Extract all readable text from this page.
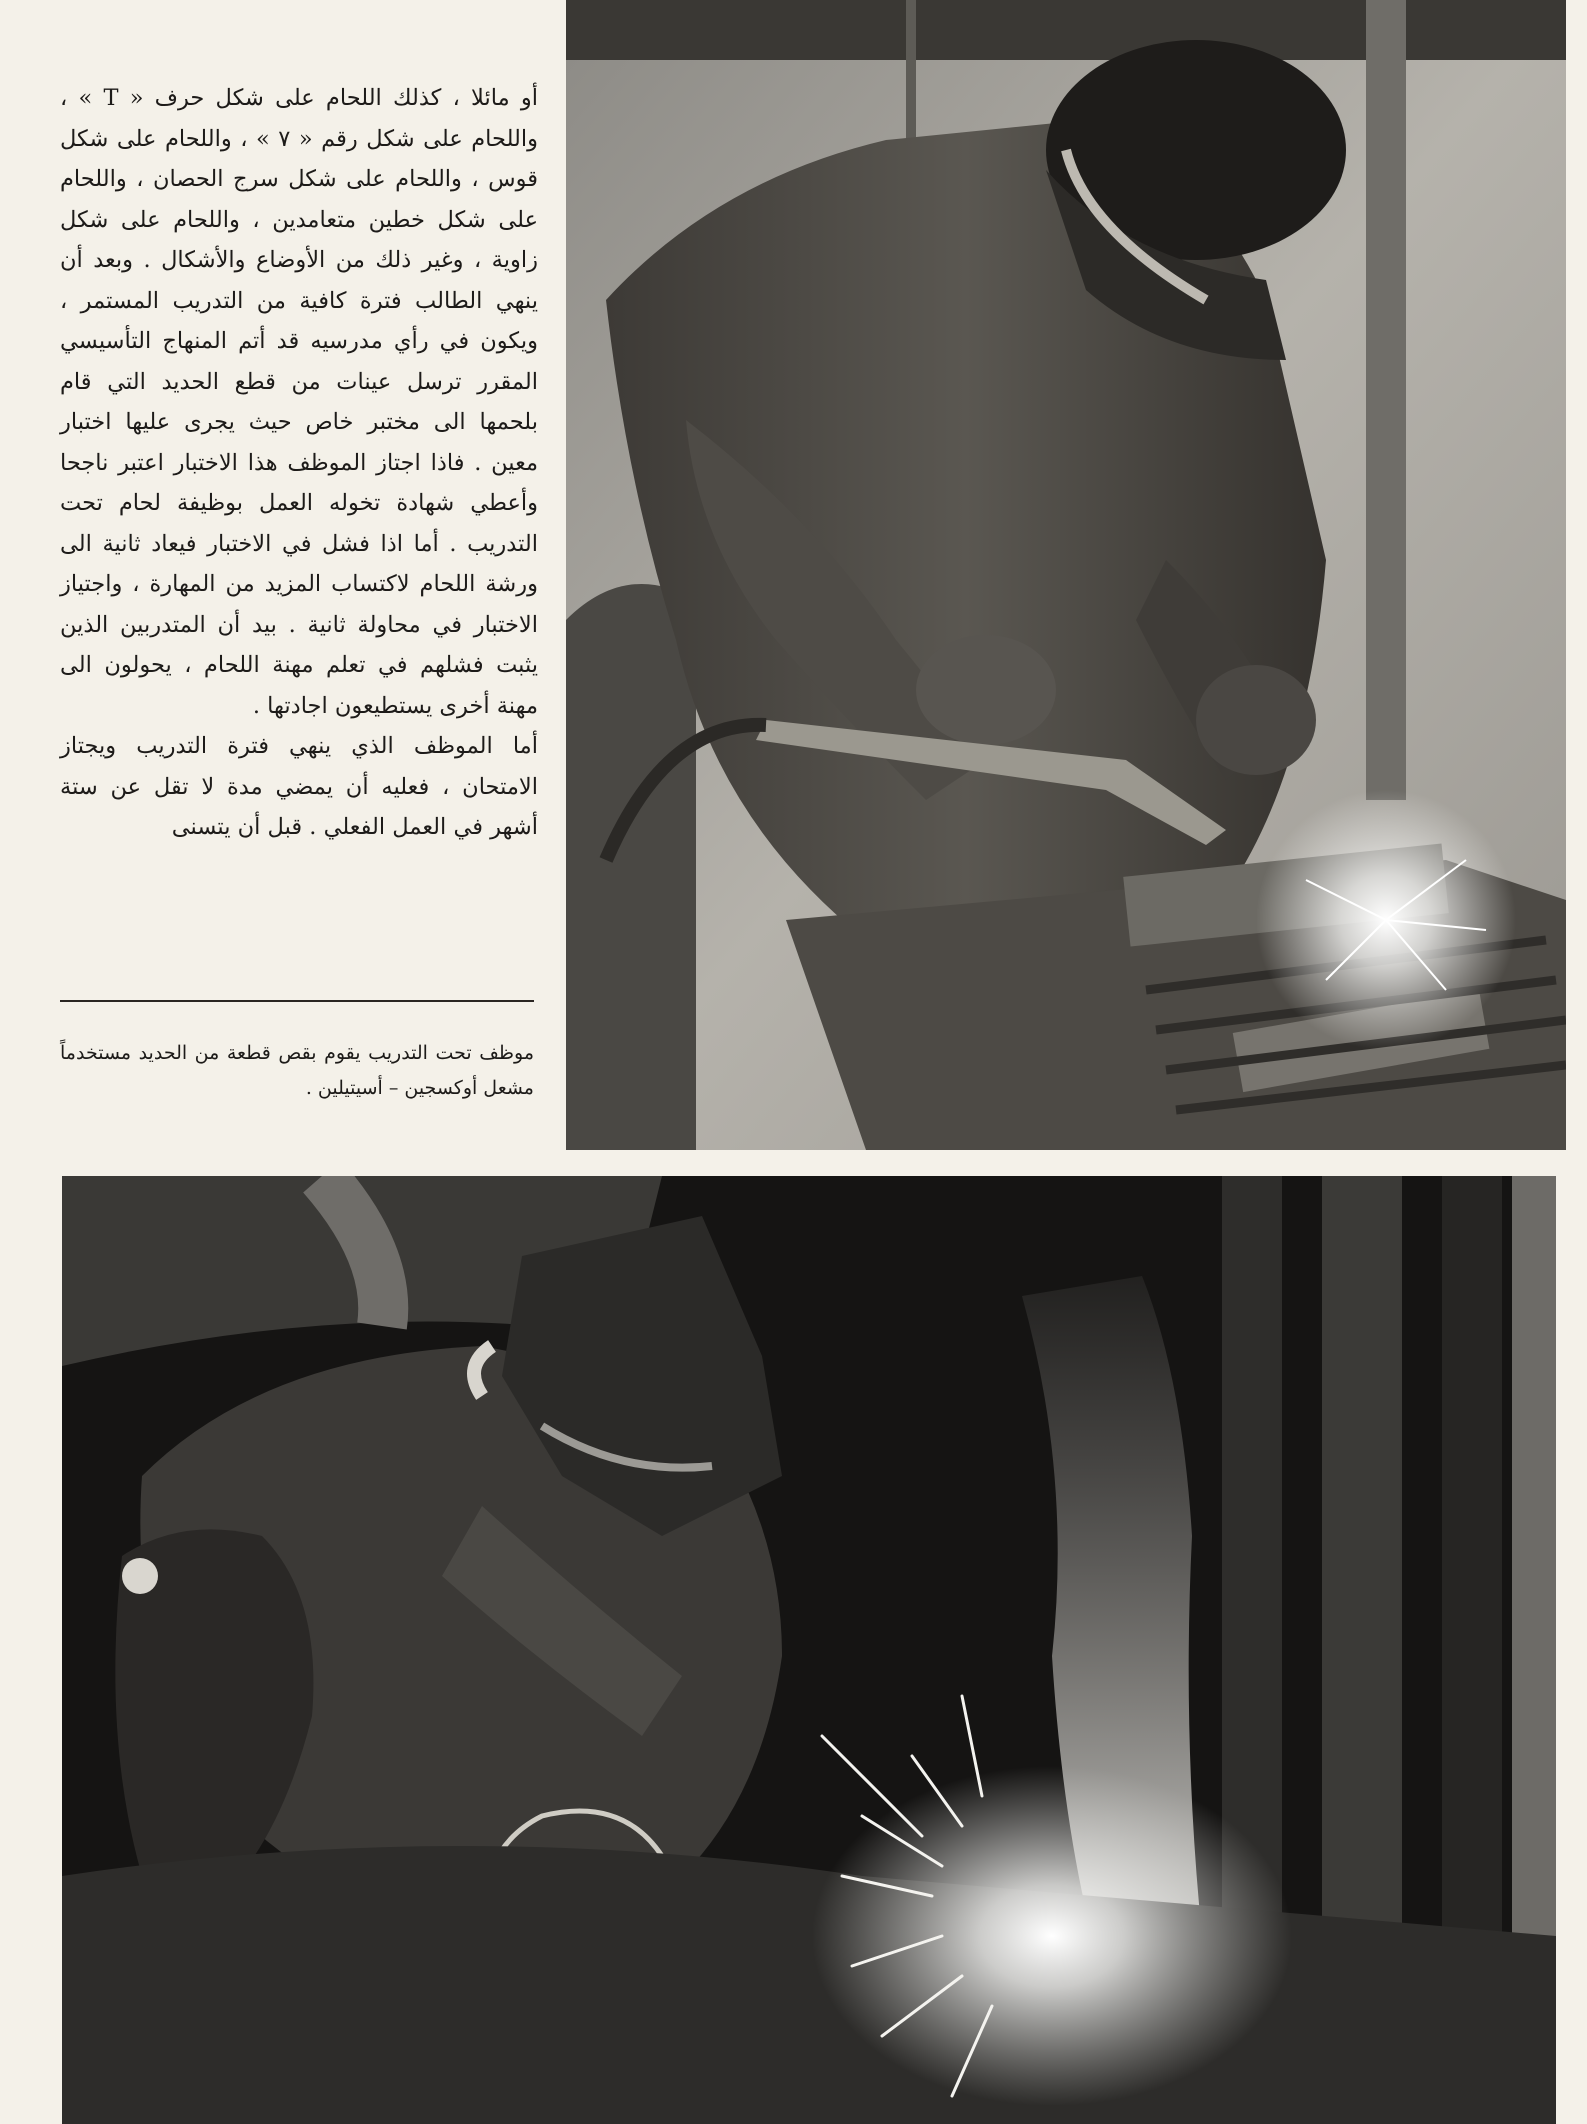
أو مائلا ، كذلك اللحام على شكل حرف « T » ، واللحام على شكل رقم « ٧ » ، واللحام على شكل قوس ، واللحام على شكل سرج الحصان ، واللحام على شكل خطين متعامدين ، واللحام على شكل زاوية ، وغير ذلك من الأوضاع والأشكال . وبعد أن ينهي الطالب فترة كافية من التدريب المستمر ، ويكون في رأي مدرسيه قد أتم المنهاج التأسيسي المقرر ترسل عينات من قطع الحديد التي قام بلحمها الى مختبر خاص حيث يجرى عليها اختبار معين . فاذا اجتاز الموظف هذا الاختبار اعتبر ناجحا وأعطي شهادة تخوله العمل بوظيفة لحام تحت التدريب . أما اذا فشل في الاختبار فيعاد ثانية الى ورشة اللحام لاكتساب المزيد من المهارة ، واجتياز الاختبار في محاولة ثانية . بيد أن المتدربين الذين يثبت فشلهم في تعلم مهنة اللحام ، يحولون الى مهنة أخرى يستطيعون اجادتها .

أما الموظف الذي ينهي فترة التدريب ويجتاز الامتحان ، فعليه أن يمضي مدة لا تقل عن ستة أشهر في العمل الفعلي . قبل أن يتسنى

موظف تحت التدريب يقوم بقص قطعة من الحديد مستخدماً مشعل أوكسجين – أسيتيلين .
